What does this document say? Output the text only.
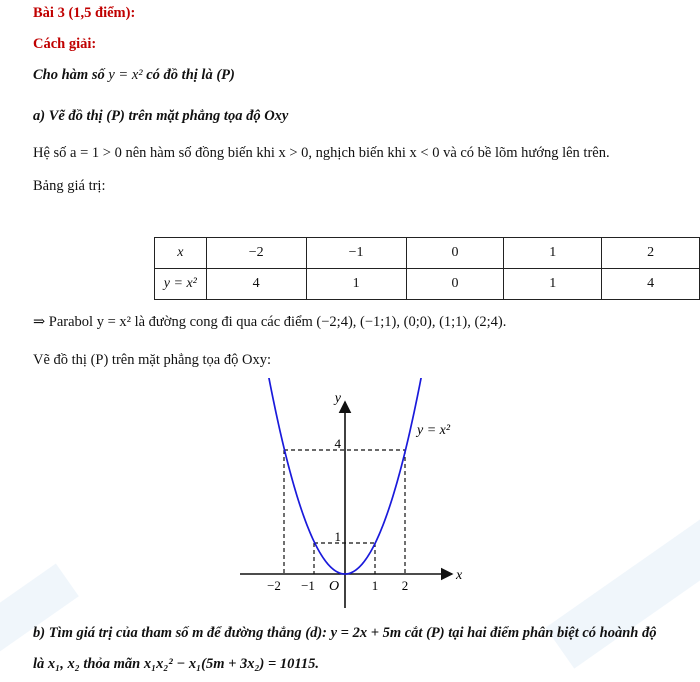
Bài 3 (1,5 điểm):
Cách giải:
Cho hàm số y = x² có đồ thị là (P)
a) Vẽ đồ thị (P) trên mặt phẳng tọa độ Oxy
Hệ số a = 1 > 0 nên hàm số đồng biến khi x > 0, nghịch biến khi x < 0 và có bề lõm hướng lên trên.
Bảng giá trị:
x	−2	−1	0	1	2
y = x²	4	1	0	1	4
⇒ Parabol y = x² là đường cong đi qua các điểm (−2;4), (−1;1), (0;0), (1;1), (2;4).
Vẽ đồ thị (P) trên mặt phẳng tọa độ Oxy:
y
x
O
4
1
−2 −1	1 2
y = x²
b) Tìm giá trị của tham số m để đường thẳng (d): y = 2x + 5m cắt (P) tại hai điểm phân biệt có hoành độ
là x₁, x₂ thỏa mãn x₁x₂² − x₁(5m + 3x₂) = 10115.
